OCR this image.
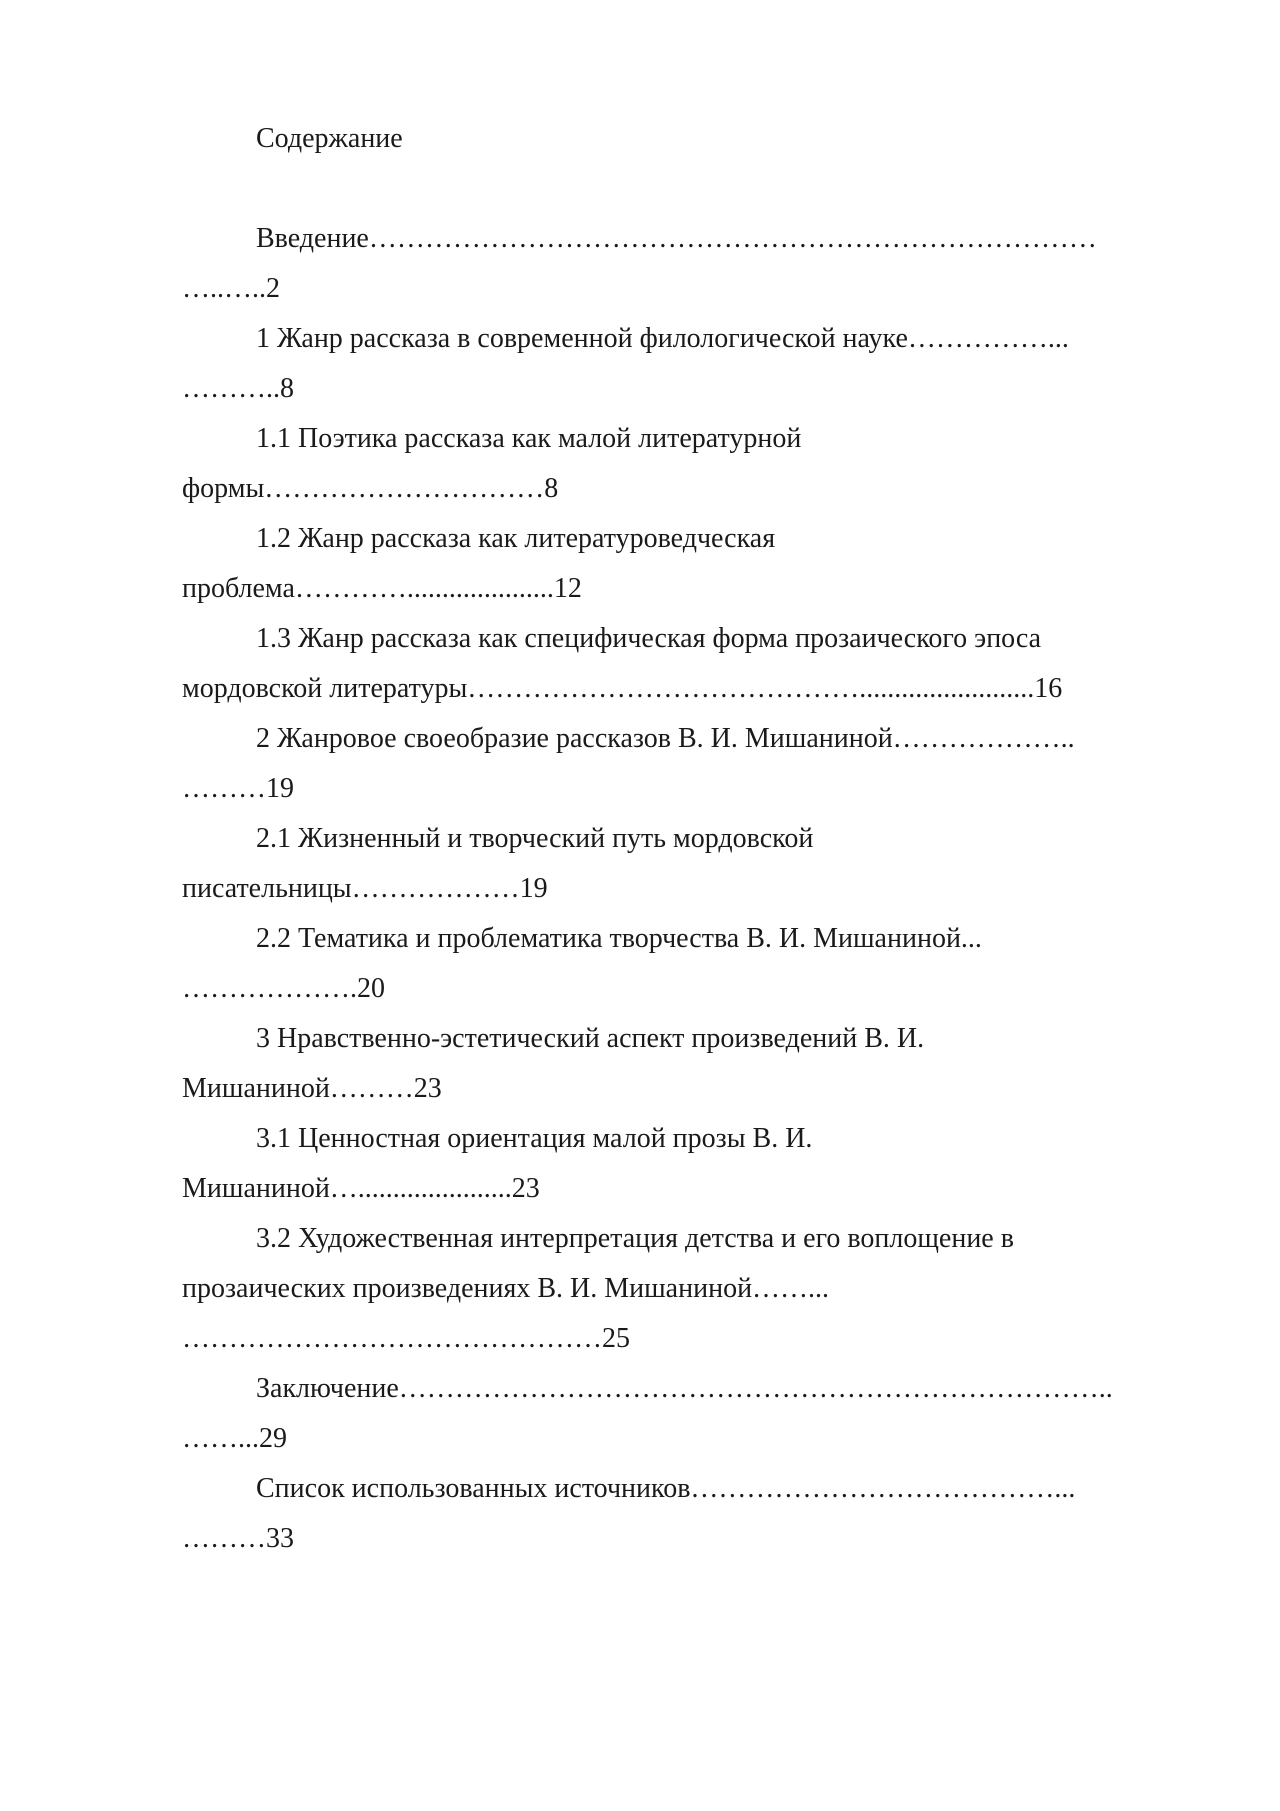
Содержание
Введение……………………………………………………………………
…..…..2
1 Жанр рассказа в современной филологической науке……………...
………..8
1.1 Поэтика рассказа как малой литературной
формы…………………………8
1.2 Жанр рассказа как литературоведческая
проблема………….....................12
1.3 Жанр рассказа как специфическая форма прозаического эпоса
мордовской литературы…………………………………….........................16
2 Жанровое своеобразие рассказов В. И. Мишаниной………………..
………19
2.1 Жизненный и творческий путь мордовской
писательницы………………19
2.2 Тематика и проблематика творчества В. И. Мишаниной...
……………….20
3 Нравственно-эстетический аспект произведений В. И.
Мишаниной………23
3.1 Ценностная ориентация малой прозы В. И.
Мишаниной…......................23
3.2 Художественная интерпретация детства и его воплощение в
прозаических произведениях В. И. Мишаниной……...
………………………………………25
Заключение…………………………………………………………………..
……...29
Список использованных источников…………………………………...
………33
